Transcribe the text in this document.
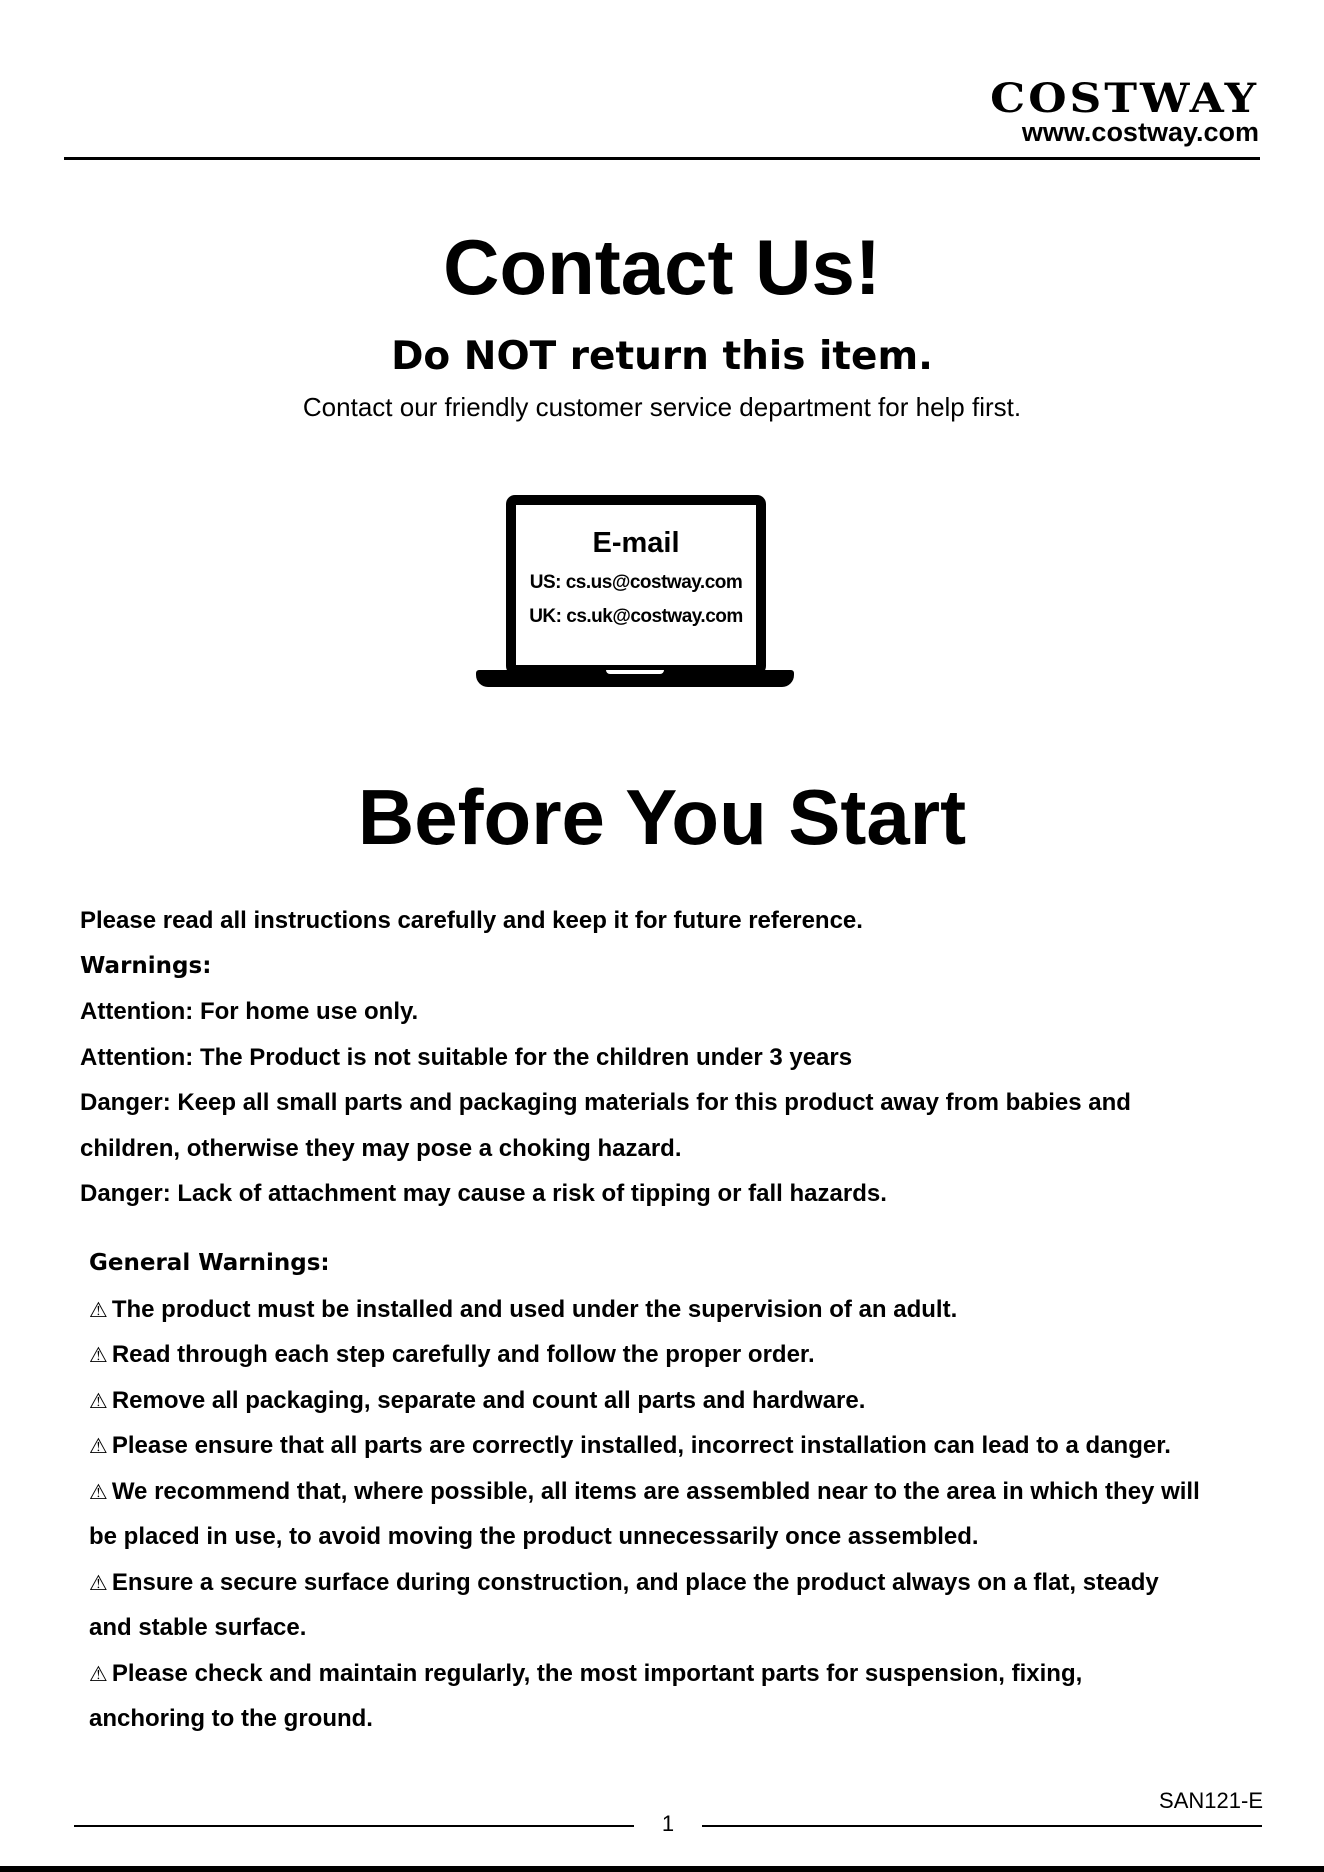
COSTWAY
www.costway.com
Contact Us!
Do NOT return this item.
Contact our friendly customer service department for help first.
E-mail
US: cs.us@costway.com
UK: cs.uk@costway.com
Before You Start
Please read all instructions carefully and keep it for future reference.
Warnings:
Attention: For home use only.
Attention: The Product is not suitable for the children under 3 years
Danger: Keep all small parts and packaging materials for this product away from babies and
children, otherwise they may pose a choking hazard.
Danger: Lack of attachment may cause a risk of tipping or fall hazards.
General Warnings:
⚠ The product must be installed and used under the supervision of an adult.
⚠ Read through each step carefully and follow the proper order.
⚠ Remove all packaging, separate and count all parts and hardware.
⚠ Please ensure that all parts are correctly installed, incorrect installation can lead to a danger.
⚠ We recommend that, where possible, all items are assembled near to the area in which they will
be placed in use, to avoid moving the product unnecessarily once assembled.
⚠ Ensure a secure surface during construction, and place the product always on a flat, steady
and stable surface.
⚠ Please check and maintain regularly, the most important parts for suspension, fixing,
anchoring to the ground.
SAN121-E
1
